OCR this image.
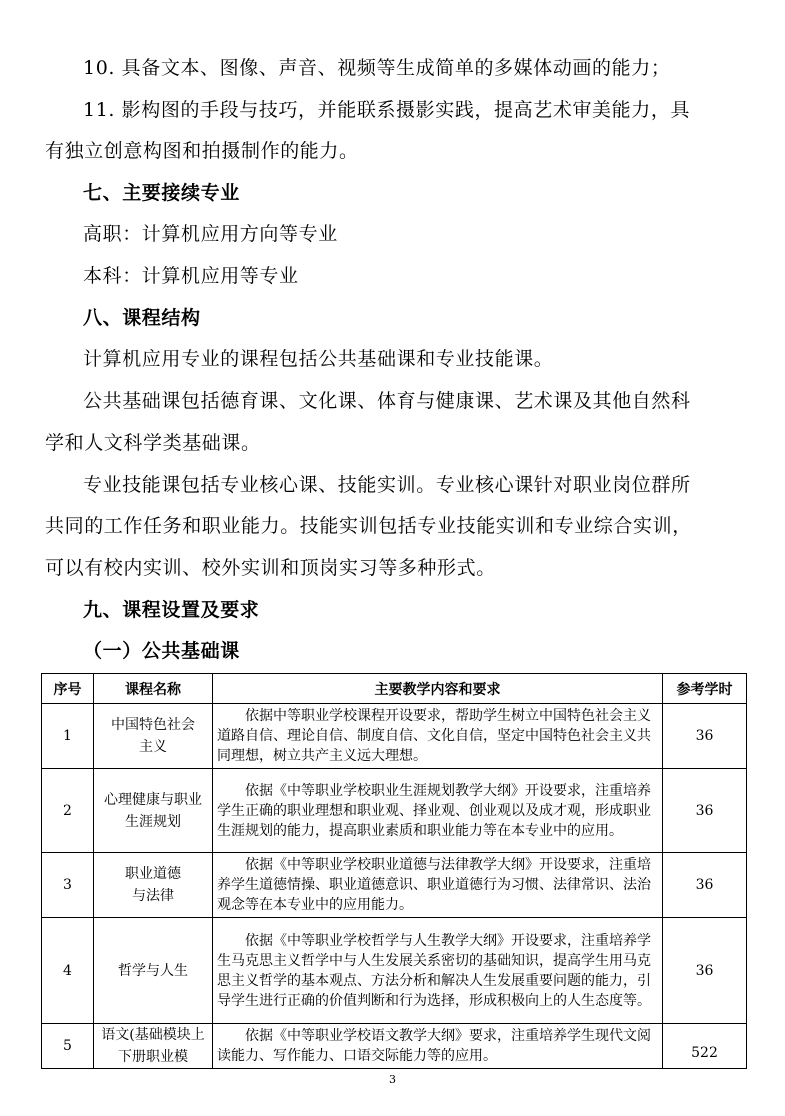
10. 具备文本、图像、声音、视频等生成简单的多媒体动画的能力；

11. 影构图的手段与技巧，并能联系摄影实践，提高艺术审美能力，具

有独立创意构图和拍摄制作的能力。

七、主要接续专业

高职：计算机应用方向等专业

本科：计算机应用等专业

八、课程结构

计算机应用专业的课程包括公共基础课和专业技能课。

公共基础课包括德育课、文化课、体育与健康课、艺术课及其他自然科

学和人文科学类基础课。

专业技能课包括专业核心课、技能实训。专业核心课针对职业岗位群所

共同的工作任务和职业能力。技能实训包括专业技能实训和专业综合实训，

可以有校内实训、校外实训和顶岗实习等多种形式。

九、课程设置及要求

（一）公共基础课

序号	课程名称	主要教学内容和要求	参考学时
1	中国特色社会主义	依据中等职业学校课程开设要求，帮助学生树立中国特色社会主义道路自信、理论自信、制度自信、文化自信，坚定中国特色社会主义共同理想，树立共产主义远大理想。	36
2	心理健康与职业生涯规划	依据《中等职业学校职业生涯规划教学大纲》开设要求，注重培养学生正确的职业理想和职业观、择业观、创业观以及成才观，形成职业生涯规划的能力，提高职业素质和职业能力等在本专业中的应用。	36
3	职业道德与法律	依据《中等职业学校职业道德与法律教学大纲》开设要求，注重培养学生道德情操、职业道德意识、职业道德行为习惯、法律常识、法治观念等在本专业中的应用能力。	36
4	哲学与人生	依据《中等职业学校哲学与人生教学大纲》开设要求，注重培养学生马克思主义哲学中与人生发展关系密切的基础知识，提高学生用马克思主义哲学的基本观点、方法分析和解决人生发展重要问题的能力，引导学生进行正确的价值判断和行为选择，形成积极向上的人生态度等。	36
5	语文(基础模块上下册职业模	依据《中等职业学校语文教学大纲》要求，注重培养学生现代文阅读能力、写作能力、口语交际能力等的应用。	522
3
